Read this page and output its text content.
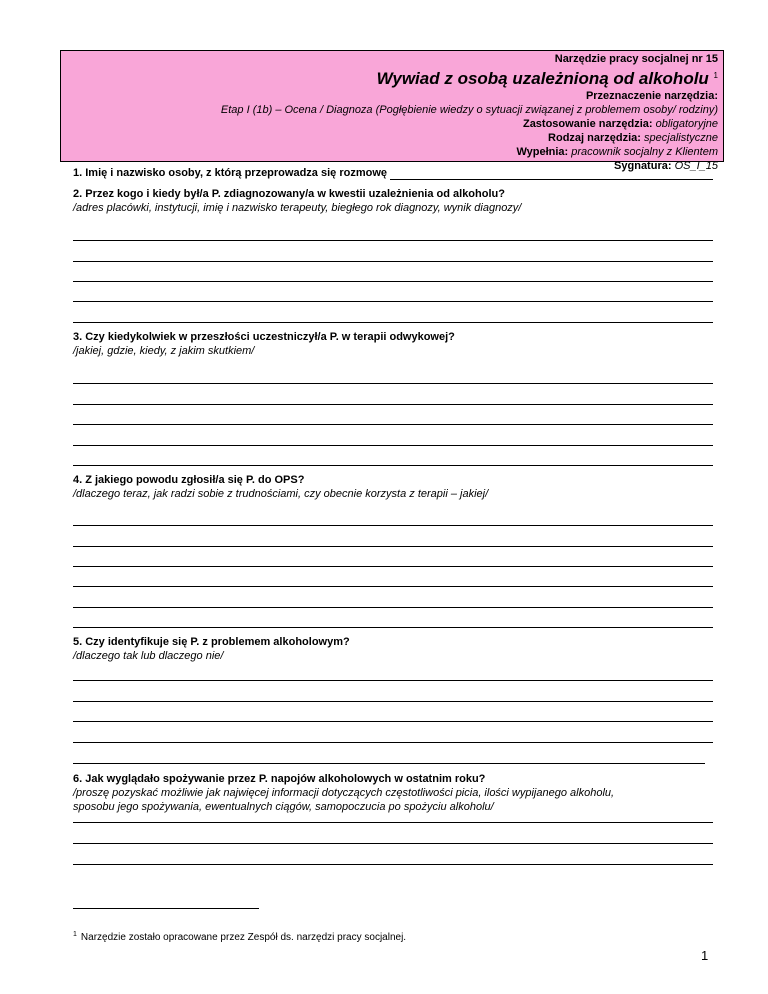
Narzędzie pracy socjalnej nr 15
Wywiad z osobą uzależnioną od alkoholu $^1$
Przeznaczenie narzędzia:
Etap I (1b) – Ocena / Diagnoza (Pogłębienie wiedzy o sytuacji związanej z problemem osoby/ rodziny)
Zastosowanie narzędzia: obligatoryjne
Rodzaj narzędzia: specjalistyczne
Wypełnia: pracownik socjalny z Klientem
Sygnatura: OS_I_15
1. Imię i nazwisko osoby, z którą przeprowadza się rozmowę
2. Przez kogo i kiedy był/a P. zdiagnozowany/a w kwestii uzależnienia od alkoholu?
/adres placówki, instytucji, imię i nazwisko terapeuty, biegłego rok diagnozy, wynik diagnozy/
3. Czy kiedykolwiek w przeszłości uczestniczył/a P. w terapii odwykowej?
/jakiej, gdzie, kiedy, z jakim skutkiem/
4. Z jakiego powodu zgłosił/a się P. do OPS?
/dlaczego teraz, jak radzi sobie z trudnościami, czy obecnie korzysta z terapii – jakiej/
5. Czy identyfikuje się P. z problemem alkoholowym?
/dlaczego tak lub dlaczego nie/
6. Jak wyglądało spożywanie przez P. napojów alkoholowych w ostatnim roku?
/proszę pozyskać możliwie jak najwięcej informacji dotyczących częstotliwości picia, ilości wypijanego alkoholu,
sposobu jego spożywania, ewentualnych ciągów, samopoczucia po spożyciu alkoholu/
$^1$ Narzędzie zostało opracowane przez Zespół ds. narzędzi pracy socjalnej.
1
